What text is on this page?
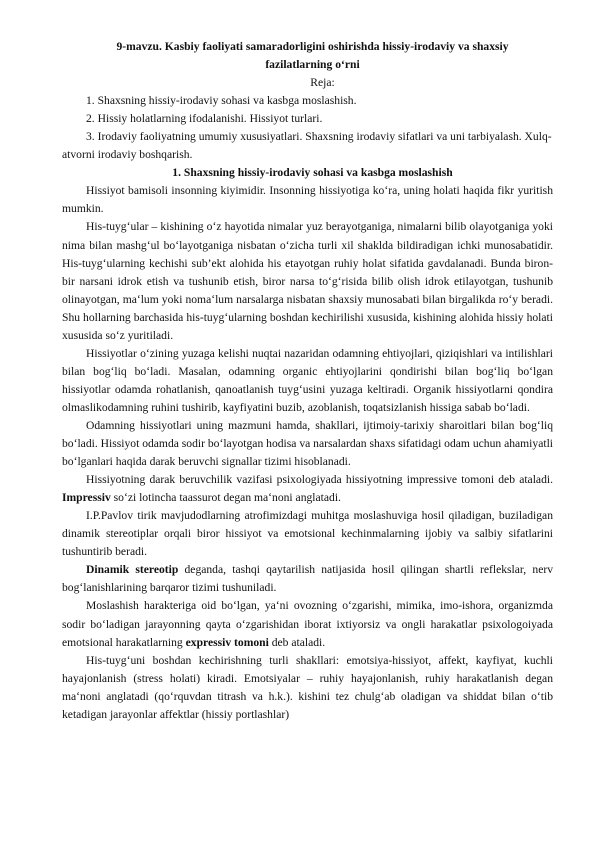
9-mavzu. Kasbiy faoliyati samaradorligini oshirishda hissiy-irodaviy va shaxsiy fazilatlarning o‘rni

Reja:

1. Shaxsning hissiy-irodaviy sohasi va kasbga moslashish.

2. Hissiy holatlarning ifodalanishi. Hissiyot turlari.

3. Irodaviy faoliyatning umumiy xususiyatlari. Shaxsning irodaviy sifatlari va uni tarbiyalash. Xulq-atvorni irodaviy boshqarish.

1. Shaxsning hissiy-irodaviy sohasi va kasbga moslashish

Hissiyot bamisoli insonning kiyimidir. Insonning hissiyotiga ko‘ra, uning holati haqida fikr yuritish mumkin.

His-tuyg‘ular – kishining o‘z hayotida nimalar yuz berayotganiga, nimalarni bilib olayotganiga yoki nima bilan mashg‘ul bo‘layotganiga nisbatan o‘zicha turli xil shaklda bildiradigan ichki munosabatidir. His-tuyg‘ularning kechishi sub’ekt alohida his etayotgan ruhiy holat sifatida gavdalanadi. Bunda biron-bir narsani idrok etish va tushunib etish, biror narsa to‘g‘risida bilib olish idrok etilayotgan, tushunib olinayotgan, ma‘lum yoki noma‘lum narsalarga nisbatan shaxsiy munosabati bilan birgalikda ro‘y beradi. Shu hollarning barchasida his-tuyg‘ularning boshdan kechirilishi xususida, kishining alohida hissiy holati xususida so‘z yuritiladi.

Hissiyotlar o‘zining yuzaga kelishi nuqtai nazaridan odamning ehtiyojlari, qiziqishlari va intilishlari bilan bog‘liq bo‘ladi. Masalan, odamning organic ehtiyojlarini qondirishi bilan bog‘liq bo‘lgan hissiyotlar odamda rohatlanish, qanoatlanish tuyg‘usini yuzaga keltiradi. Organik hissiyotlarni qondira olmaslikodamning ruhini tushirib, kayfiyatini buzib, azoblanish, toqatsizlanish hissiga sabab bo‘ladi.

Odamning hissiyotlari uning mazmuni hamda, shakllari, ijtimoiy-tarixiy sharoitlari bilan bog‘liq bo‘ladi. Hissiyot odamda sodir bo‘layotgan hodisa va narsalardan shaxs sifatidagi odam uchun ahamiyatli bo‘lganlari haqida darak beruvchi signallar tizimi hisoblanadi.

Hissiyotning darak beruvchilik vazifasi psixologiyada hissiyotning impressive tomoni deb ataladi. Impressiv so‘zi lotincha taassurot degan ma‘noni anglatadi.

I.P.Pavlov tirik mavjudodlarning atrofimizdagi muhitga moslashuviga hosil qiladigan, buziladigan dinamik stereotiplar orqali biror hissiyot va emotsional kechinmalarning ijobiy va salbiy sifatlarini tushuntirib beradi.

Dinamik stereotip deganda, tashqi qaytarilish natijasida hosil qilingan shartli reflekslar, nerv bog‘lanishlarining barqaror tizimi tushuniladi.

Moslashish harakteriga oid bo‘lgan, ya‘ni ovozning o‘zgarishi, mimika, imo-ishora, organizmda sodir bo‘ladigan jarayonning qayta o‘zgarishidan iborat ixtiyorsiz va ongli harakatlar psixologoiyada emotsional harakatlarning expressiv tomoni deb ataladi.

His-tuyg‘uni boshdan kechirishning turli shakllari: emotsiya-hissiyot, affekt, kayfiyat, kuchli hayajonlanish (stress holati) kiradi. Emotsiyalar – ruhiy hayajonlanish, ruhiy harakatlanish degan ma‘noni anglatadi (qo‘rquvdan titrash va h.k.). kishini tez chulg‘ab oladigan va shiddat bilan o‘tib ketadigan jarayonlar affektlar (hissiy portlashlar)
